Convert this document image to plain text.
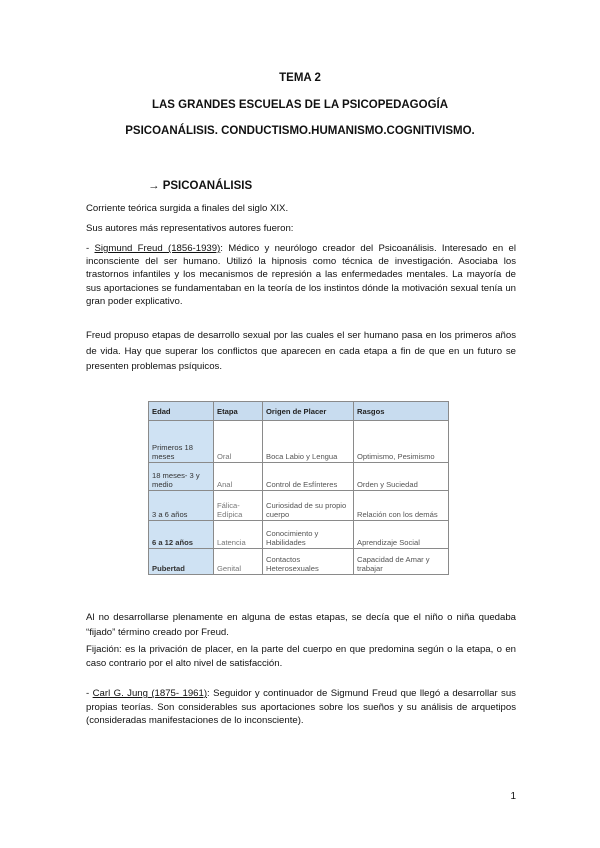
TEMA 2
LAS GRANDES ESCUELAS DE LA PSICOPEDAGOGÍA
PSICOANÁLISIS. CONDUCTISMO.HUMANISMO.COGNITIVISMO.
→ PSICOANÁLISIS
Corriente teórica surgida a finales del siglo XIX.
Sus autores más representativos autores fueron:
- Sigmund Freud (1856-1939): Médico y neurólogo creador del Psicoanálisis. Interesado en el inconsciente del ser humano. Utilizó la hipnosis como técnica de investigación. Asociaba los trastornos infantiles y los mecanismos de represión a las enfermedades mentales. La mayoría de sus aportaciones se fundamentaban en la teoría de los instintos dónde la motivación sexual tenía un gran poder explicativo.
Freud propuso etapas de desarrollo sexual por las cuales el ser humano pasa en los primeros años de vida. Hay que superar los conflictos que aparecen en cada etapa a fin de que en un futuro se presenten problemas psíquicos.
Edad	Etapa	Origen de Placer	Rasgos
Primeros 18 meses	Oral	Boca Labio y Lengua	Optimismo, Pesimismo
18 meses- 3 y medio	Anal	Control de Esfínteres	Orden y Suciedad
3 a 6 años	Fálica- Edípica	Curiosidad de su propio cuerpo	Relación con los demás
6 a 12 años	Latencia	Conocimiento y Habilidades	Aprendizaje Social
Pubertad	Genital	Contactos Heterosexuales	Capacidad de Amar y trabajar
Al no desarrollarse plenamente en alguna de estas etapas, se decía que el niño o niña quedaba “fijado” término creado por Freud.
Fijación: es la privación de placer, en la parte del cuerpo en que predomina según o la etapa, o en caso contrario por el alto nivel de satisfacción.
- Carl G. Jung (1875- 1961): Seguidor y continuador de Sigmund Freud que llegó a desarrollar sus propias teorías. Son considerables sus aportaciones sobre los sueños y su análisis de arquetipos (consideradas manifestaciones de lo inconsciente).
1
